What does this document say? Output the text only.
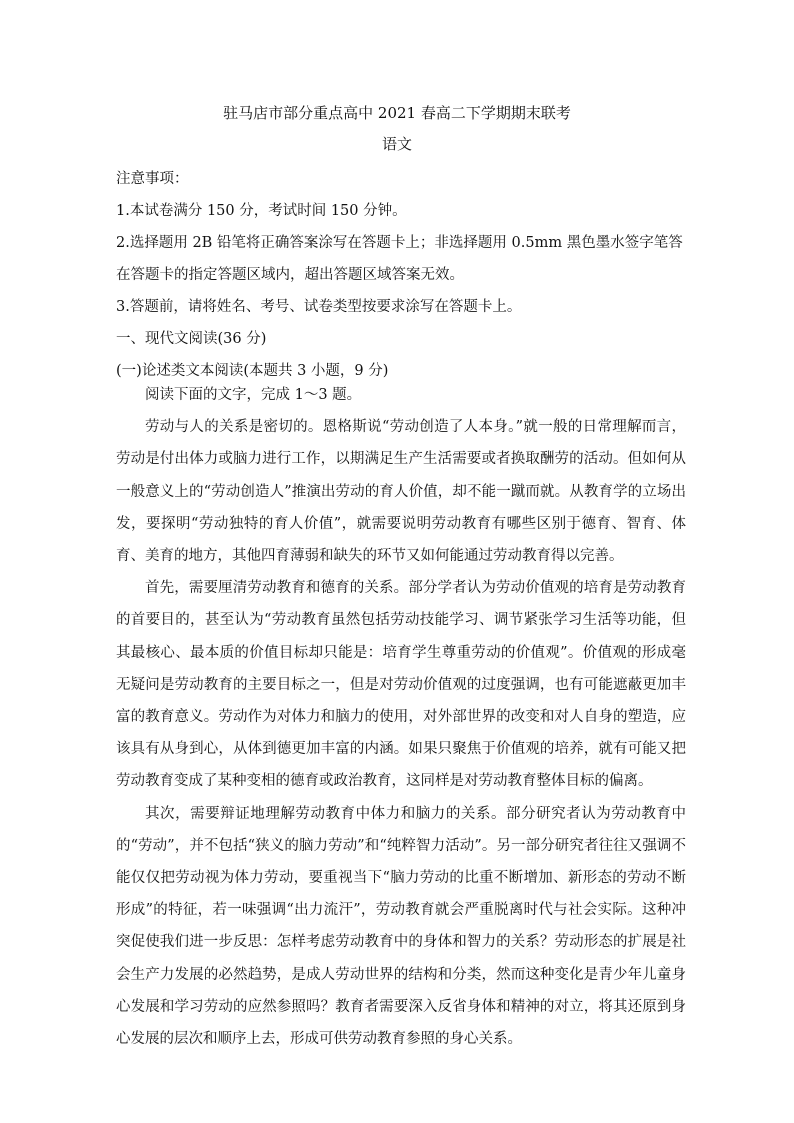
驻马店市部分重点高中 2021 春高二下学期期末联考
语文

注意事项：

1.本试卷满分 150 分，考试时间 150 分钟。

2.选择题用 2B 铅笔将正确答案涂写在答题卡上；非选择题用 0.5mm 黑色墨水签字笔答在答题卡的指定答题区域内，超出答题区域答案无效。

3.答题前，请将姓名、考号、试卷类型按要求涂写在答题卡上。

一、现代文阅读(36 分)

(一)论述类文本阅读(本题共 3 小题，9 分)

阅读下面的文字，完成 1～3 题。

劳动与人的关系是密切的。恩格斯说“劳动创造了人本身。”就一般的日常理解而言，劳动是付出体力或脑力进行工作，以期满足生产生活需要或者换取酬劳的活动。但如何从一般意义上的“劳动创造人”推演出劳动的育人价值，却不能一蹴而就。从教育学的立场出发，要探明“劳动独特的育人价值”，就需要说明劳动教育有哪些区别于德育、智育、体育、美育的地方，其他四育薄弱和缺失的环节又如何能通过劳动教育得以完善。

首先，需要厘清劳动教育和德育的关系。部分学者认为劳动价值观的培育是劳动教育的首要目的，甚至认为“劳动教育虽然包括劳动技能学习、调节紧张学习生活等功能，但其最核心、最本质的价值目标却只能是：培育学生尊重劳动的价值观”。价值观的形成毫无疑问是劳动教育的主要目标之一，但是对劳动价值观的过度强调，也有可能遮蔽更加丰富的教育意义。劳动作为对体力和脑力的使用，对外部世界的改变和对人自身的塑造，应该具有从身到心，从体到德更加丰富的内涵。如果只聚焦于价值观的培养，就有可能又把劳动教育变成了某种变相的德育或政治教育，这同样是对劳动教育整体目标的偏离。

其次，需要辩证地理解劳动教育中体力和脑力的关系。部分研究者认为劳动教育中的“劳动”，并不包括“狭义的脑力劳动”和“纯粹智力活动”。另一部分研究者往往又强调不能仅仅把劳动视为体力劳动，要重视当下“脑力劳动的比重不断增加、新形态的劳动不断形成”的特征，若一味强调“出力流汗”，劳动教育就会严重脱离时代与社会实际。这种冲突促使我们进一步反思：怎样考虑劳动教育中的身体和智力的关系？劳动形态的扩展是社会生产力发展的必然趋势，是成人劳动世界的结构和分类，然而这种变化是青少年儿童身心发展和学习劳动的应然参照吗？教育者需要深入反省身体和精神的对立，将其还原到身心发展的层次和顺序上去，形成可供劳动教育参照的身心关系。
